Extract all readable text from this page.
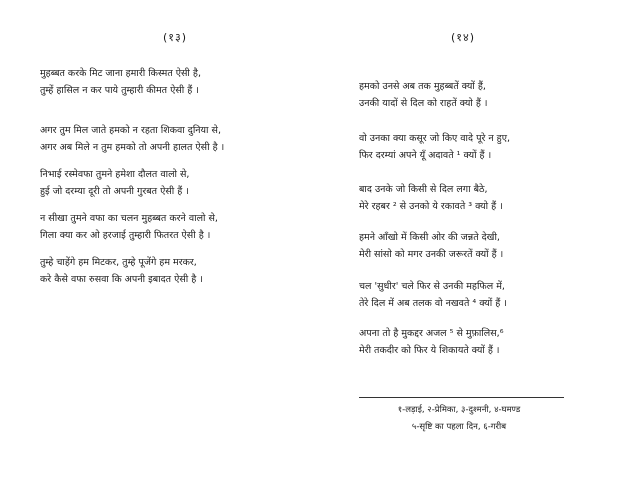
(१३)
मुहब्बत करके मिट जाना हमारी किस्मत ऐसी है,
तुम्हें हासिल न कर पाये तुम्हारी कीमत ऐसी हैं ।
अगर तुम मिल जाते हमको न रहता शिकवा दुनिया से,
अगर अब मिले न तुम हमको तो अपनी हालत ऐसी है ।
निभाई रस्मेवफा तुमने हमेशा दौलत वालो से,
हुई जो दरम्या दूरी तो अपनी गुरबत ऐसी हैं ।
न सीखा तुमने वफा का चलन मुहब्बत करने वालो से,
गिला क्या कर ओ हरजाई तुम्हारी फितरत ऐसी है ।
तुम्हे चाहेंगे हम मिटकर, तुम्हे पूजेंगे हम मरकर,
करे कैसे वफा रुसवा कि अपनी इबादत ऐसी है ।
(१४)
हमको उनसे अब तक मुहब्बतें क्यों हैं,
उनकी यादों से दिल को राहतें क्यो हैं ।
वो उनका क्या कसूर जो किए वादे पूरे न हुए,
फिर दरम्यां अपने यूँ अदावते ¹ क्यों हैं ।
बाद उनके जो किसी से दिल लगा बैठे,
मेरे रहबर ² से उनको ये रकावते ³ क्यो हैं ।
हमने आँखो में किसी ओर की जन्नते देखी,
मेरी सांसो को मगर उनकी जरूरतें क्यों हैं ।
चल 'सुधीर' चले फिर से उनकी महफिल में,
तेरे दिल में अब तलक वो नखवते ⁴ क्यों हैं ।
अपना तो है मुकद्दर अजल ⁵ से मुफ़ालिस,⁶
मेरी तकदीर को फिर ये शिकायते क्यों हैं ।
१-लड़ाई, २-प्रेमिका, ३-दुश्मनी, ४-घमण्ड
५-सृष्टि का पहला दिन, ६-गरीब
